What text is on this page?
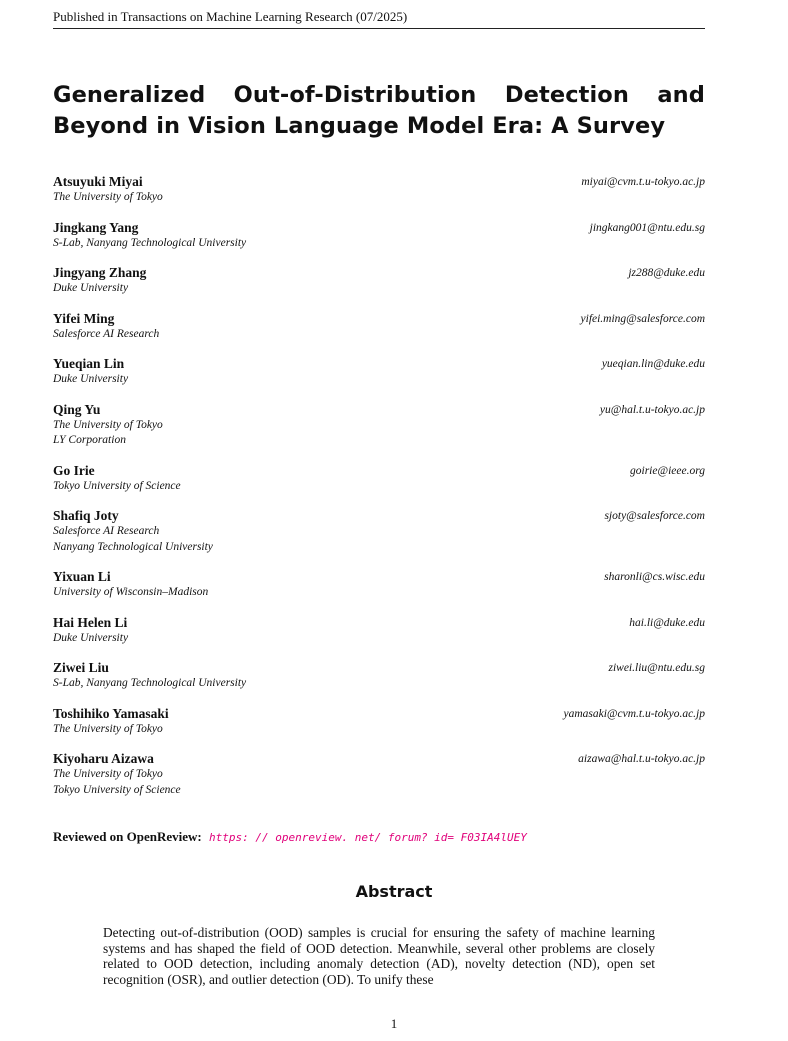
Published in Transactions on Machine Learning Research (07/2025)
Generalized Out-of-Distribution Detection and Beyond in Vision Language Model Era: A Survey
Atsuyuki Miyai	miyai@cvm.t.u-tokyo.ac.jp
The University of Tokyo
Jingkang Yang	jingkang001@ntu.edu.sg
S-Lab, Nanyang Technological University
Jingyang Zhang	jz288@duke.edu
Duke University
Yifei Ming	yifei.ming@salesforce.com
Salesforce AI Research
Yueqian Lin	yueqian.lin@duke.edu
Duke University
Qing Yu	yu@hal.t.u-tokyo.ac.jp
The University of Tokyo
LY Corporation
Go Irie	goirie@ieee.org
Tokyo University of Science
Shafiq Joty	sjoty@salesforce.com
Salesforce AI Research
Nanyang Technological University
Yixuan Li	sharonli@cs.wisc.edu
University of Wisconsin–Madison
Hai Helen Li	hai.li@duke.edu
Duke University
Ziwei Liu	ziwei.liu@ntu.edu.sg
S-Lab, Nanyang Technological University
Toshihiko Yamasaki	yamasaki@cvm.t.u-tokyo.ac.jp
The University of Tokyo
Kiyoharu Aizawa	aizawa@hal.t.u-tokyo.ac.jp
The University of Tokyo
Tokyo University of Science
Reviewed on OpenReview: https: // openreview. net/ forum? id= F03IA4lUEY
Abstract
Detecting out-of-distribution (OOD) samples is crucial for ensuring the safety of machine learning systems and has shaped the field of OOD detection. Meanwhile, several other problems are closely related to OOD detection, including anomaly detection (AD), novelty detection (ND), open set recognition (OSR), and outlier detection (OD). To unify these
1
